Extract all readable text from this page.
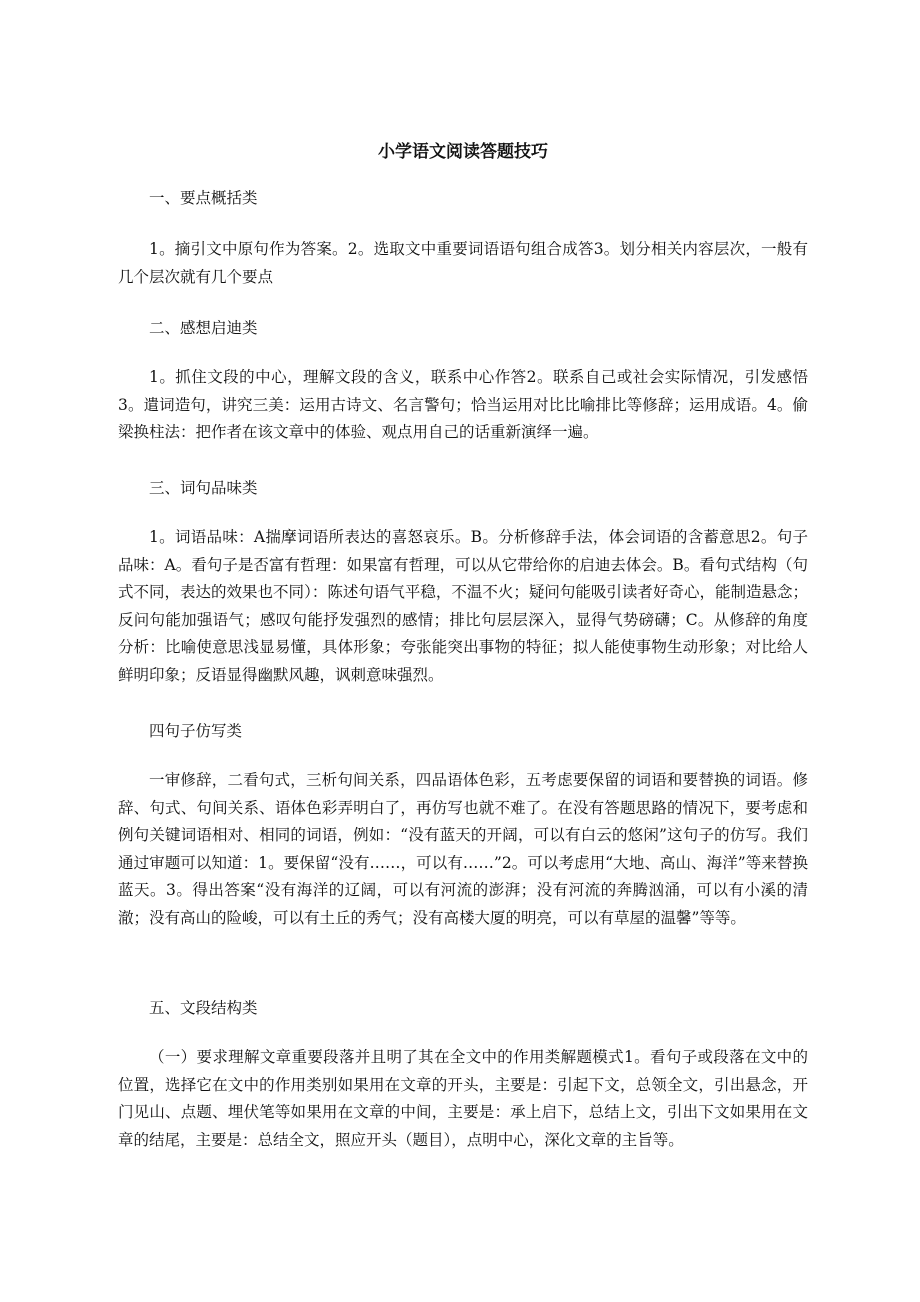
小学语文阅读答题技巧

一、要点概括类

1。摘引文中原句作为答案。2。选取文中重要词语语句组合成答3。划分相关内容层次，一般有几个层次就有几个要点

二、感想启迪类

1。抓住文段的中心，理解文段的含义，联系中心作答2。联系自己或社会实际情况，引发感悟3。遣词造句，讲究三美：运用古诗文、名言警句；恰当运用对比比喻排比等修辞；运用成语。4。偷梁换柱法：把作者在该文章中的体验、观点用自己的话重新演绎一遍。

三、词句品味类

1。词语品味：A揣摩词语所表达的喜怒哀乐。B。分析修辞手法，体会词语的含蓄意思2。句子品味：A。看句子是否富有哲理：如果富有哲理，可以从它带给你的启迪去体会。B。看句式结构（句式不同，表达的效果也不同）：陈述句语气平稳，不温不火；疑问句能吸引读者好奇心，能制造悬念；反问句能加强语气；感叹句能抒发强烈的感情；排比句层层深入，显得气势磅礴；C。从修辞的角度分析：比喻使意思浅显易懂，具体形象；夸张能突出事物的特征；拟人能使事物生动形象；对比给人鲜明印象；反语显得幽默风趣，讽刺意味强烈。

四句子仿写类

一审修辞，二看句式，三析句间关系，四品语体色彩，五考虑要保留的词语和要替换的词语。修辞、句式、句间关系、语体色彩弄明白了，再仿写也就不难了。在没有答题思路的情况下，要考虑和例句关键词语相对、相同的词语，例如：“没有蓝天的开阔，可以有白云的悠闲”这句子的仿写。我们通过审题可以知道：1。要保留“没有……，可以有……”2。可以考虑用“大地、高山、海洋”等来替换蓝天。3。得出答案“没有海洋的辽阔，可以有河流的澎湃；没有河流的奔腾汹涌，可以有小溪的清澈；没有高山的险峻，可以有土丘的秀气；没有高楼大厦的明亮，可以有草屋的温馨”等等。

五、文段结构类

（一）要求理解文章重要段落并且明了其在全文中的作用类解题模式1。看句子或段落在文中的位置，选择它在文中的作用类别如果用在文章的开头，主要是：引起下文，总领全文，引出悬念，开门见山、点题、埋伏笔等如果用在文章的中间，主要是：承上启下，总结上文，引出下文如果用在文章的结尾，主要是：总结全文，照应开头（题目），点明中心，深化文章的主旨等。
